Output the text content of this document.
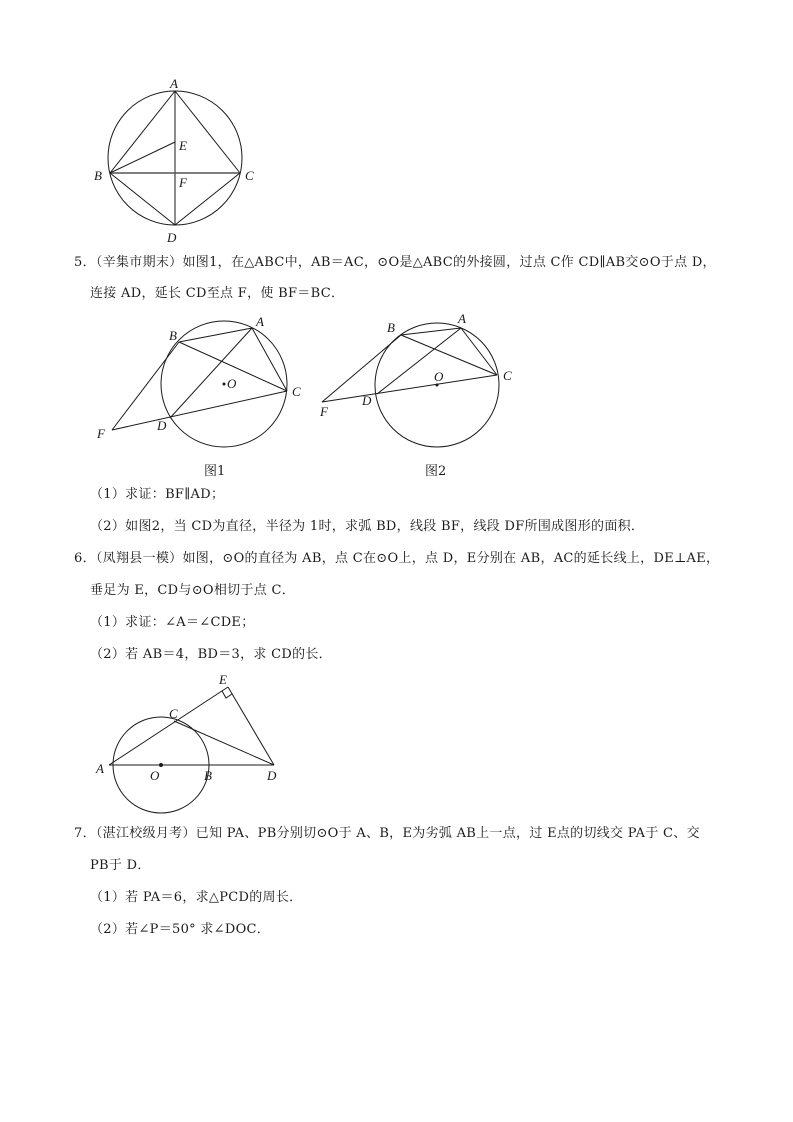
A
B	C
D
E
F
5．（辛集市期末）如图1，在△ABC中，AB＝AC，⊙O是△ABC的外接圆，过点 C作 CD∥AB交⊙O于点 D，
连接 AD，延长 CD至点 F，使 BF＝BC．
A
B
C
D
O
F
图1
A
B
C
D
O
F
图2
（1）求证：BF∥AD；
（2）如图2，当 CD为直径，半径为 1时，求弧 BD，线段 BF，线段 DF所围成图形的面积．
6．（凤翔县一模）如图，⊙O的直径为 AB，点 C在⊙O上，点 D，E分别在 AB，AC的延长线上，DE⊥AE，
垂足为 E，CD与⊙O相切于点 C．
（1）求证：∠A＝∠CDE；
（2）若 AB＝4，BD＝3，求 CD的长．
A	O	B
C
D
E
7．（湛江校级月考）已知 PA、PB分别切⊙O于 A、B，E为劣弧 AB上一点，过 E点的切线交 PA于 C、交
PB于 D．
（1）若 PA＝6，求△PCD的周长．
（2）若∠P＝50° 求∠DOC．
